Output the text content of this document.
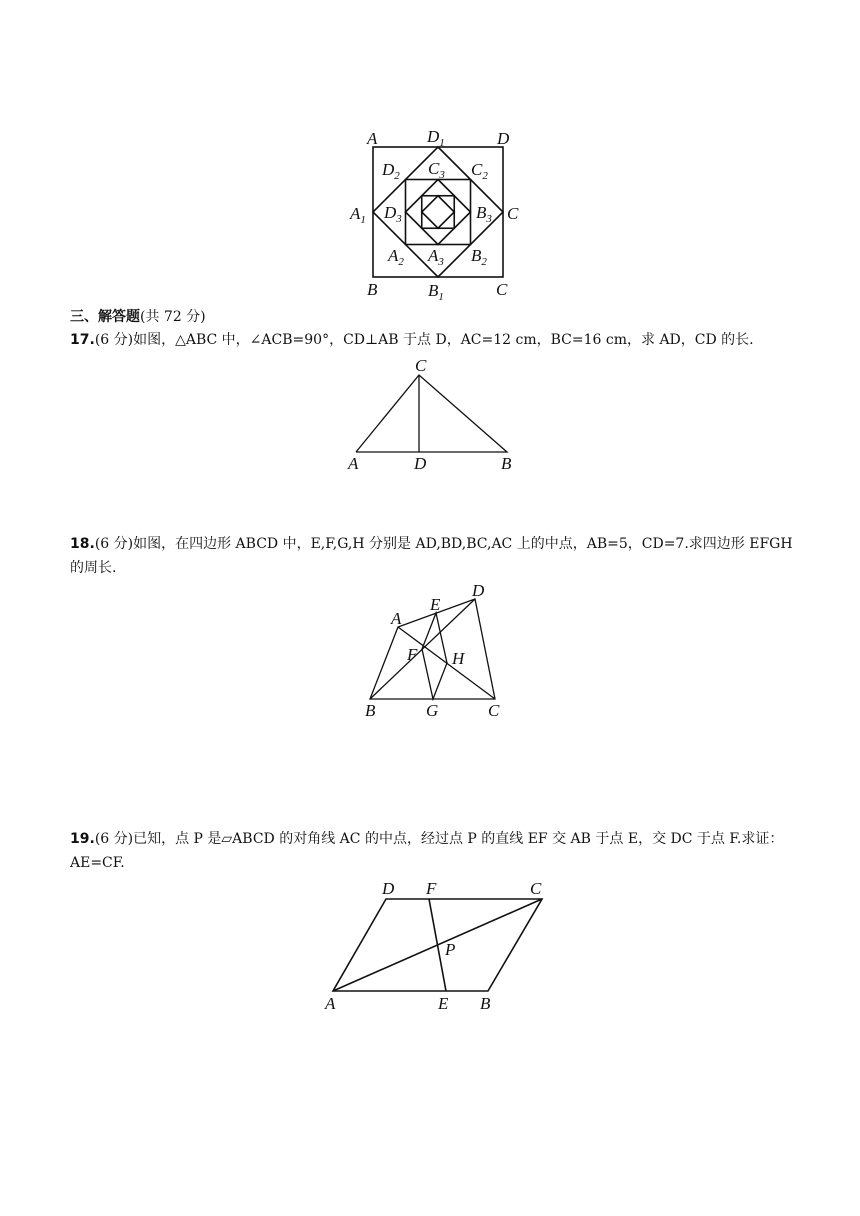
A	D
B	C
$D_1$
$A_1$	C
$B_1$
$D_2$	$C_2$
$A_2$	$B_2$
$C_3$
$D_3$	$B_3$
$A_3$
三、解答题(共 72 分)
17.(6 分)如图，△ABC 中，∠ACB=90°，CD⊥AB 于点 D，AC=12 cm，BC=16 cm，求 AD，CD 的长.
C
A	D	B
18.(6 分)如图，在四边形 ABCD 中，E,F,G,H 分别是 AD,BD,BC,AC 上的中点，AB=5，CD=7.求四边形 EFGH
的周长.
A
E
D
F H
B	G	C
19.(6 分)已知，点 P 是▱ABCD 的对角线 AC 的中点，经过点 P 的直线 EF 交 AB 于点 E，交 DC 于点 F.求证：
AE=CF.
D F	C
P
A	E B
